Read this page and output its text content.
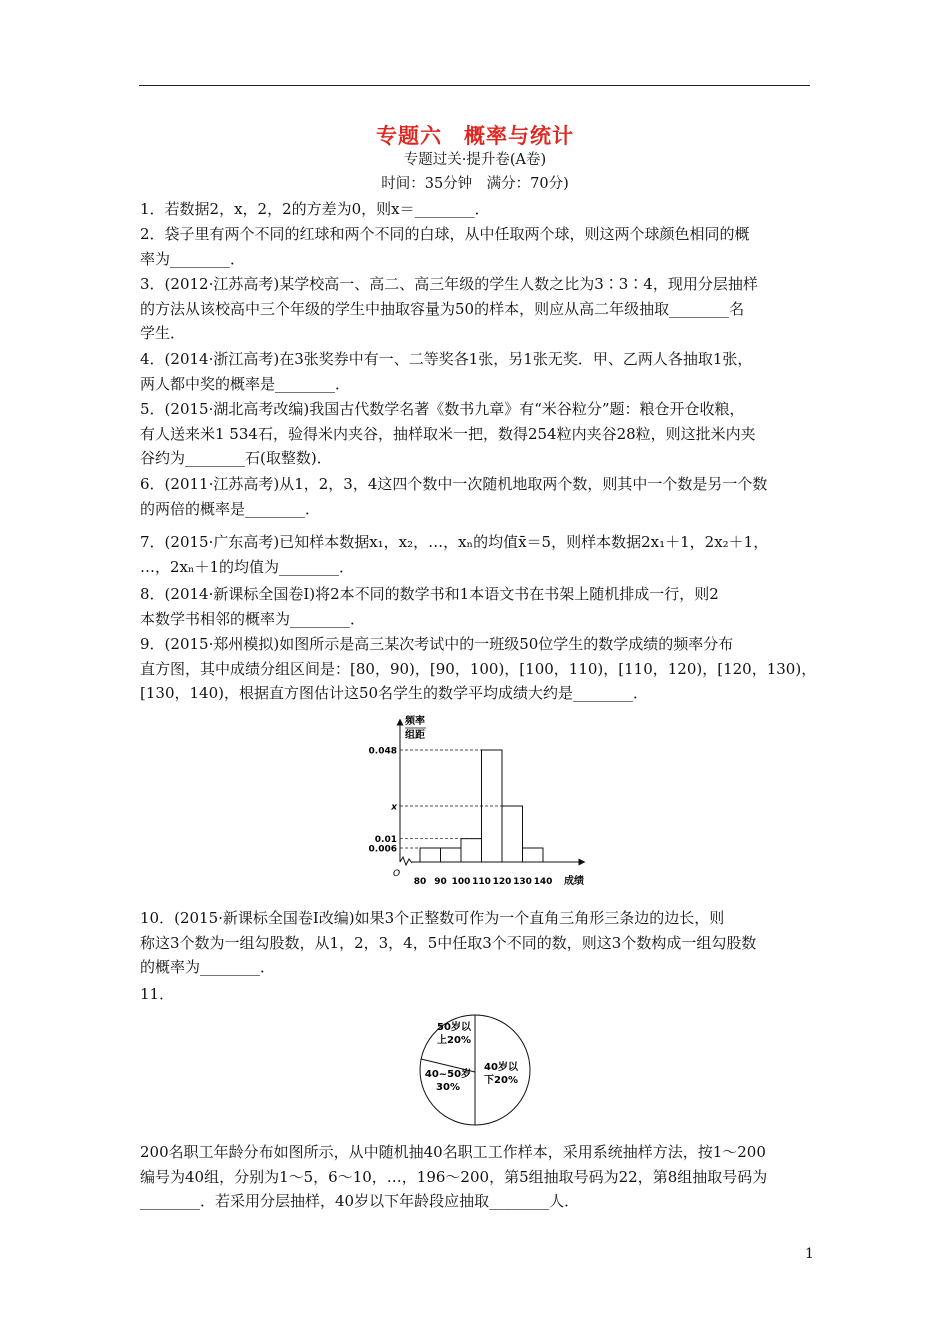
专题六　概率与统计
专题过关·提升卷(A卷)
时间：35分钟　满分：70分)
1．若数据2，x，2，2的方差为0，则x＝________．
2．袋子里有两个不同的红球和两个不同的白球，从中任取两个球，则这两个球颜色相同的概
率为________．
3．(2012·江苏高考)某学校高一、高二、高三年级的学生人数之比为3∶3∶4，现用分层抽样
的方法从该校高中三个年级的学生中抽取容量为50的样本，则应从高二年级抽取________名
学生．
4．(2014·浙江高考)在3张奖券中有一、二等奖各1张，另1张无奖．甲、乙两人各抽取1张，
两人都中奖的概率是________．
5．(2015·湖北高考改编)我国古代数学名著《数书九章》有“米谷粒分”题：粮仓开仓收粮，
有人送来米1 534石，验得米内夹谷，抽样取米一把，数得254粒内夹谷28粒，则这批米内夹
谷约为________石(取整数)．
6．(2011·江苏高考)从1，2，3，4这四个数中一次随机地取两个数，则其中一个数是另一个数
的两倍的概率是________．
7．(2015·广东高考)已知样本数据x₁，x₂，…，xₙ的均值x̄＝5，则样本数据2x₁＋1，2x₂＋1，
…，2xₙ＋1的均值为________．
8．(2014·新课标全国卷Ⅰ)将2本不同的数学书和1本语文书在书架上随机排成一行，则2
本数学书相邻的概率为________．
9．(2015·郑州模拟)如图所示是高三某次考试中的一班级50位学生的数学成绩的频率分布
直方图，其中成绩分组区间是：[80，90)，[90，100)，[100，110)，[110，120)，[120，130)，
[130，140)，根据直方图估计这50名学生的数学平均成绩大约是________．
0.048
x
0.01
0.006
80 90 100 110 120 130 140
频率
组距
成绩
O
10．(2015·新课标全国卷Ⅰ改编)如果3个正整数可作为一个直角三角形三条边的边长，则
称这3个数为一组勾股数，从1，2，3，4，5中任取3个不同的数，则这3个数构成一组勾股数
的概率为________．
11．
40岁以
下20%
40~50岁
30%
50岁以
上20%
200名职工年龄分布如图所示，从中随机抽40名职工工作样本，采用系统抽样方法，按1～200
编号为40组，分别为1～5，6～10，…，196～200，第5组抽取号码为22，第8组抽取号码为
________．若采用分层抽样，40岁以下年龄段应抽取________人．
1
